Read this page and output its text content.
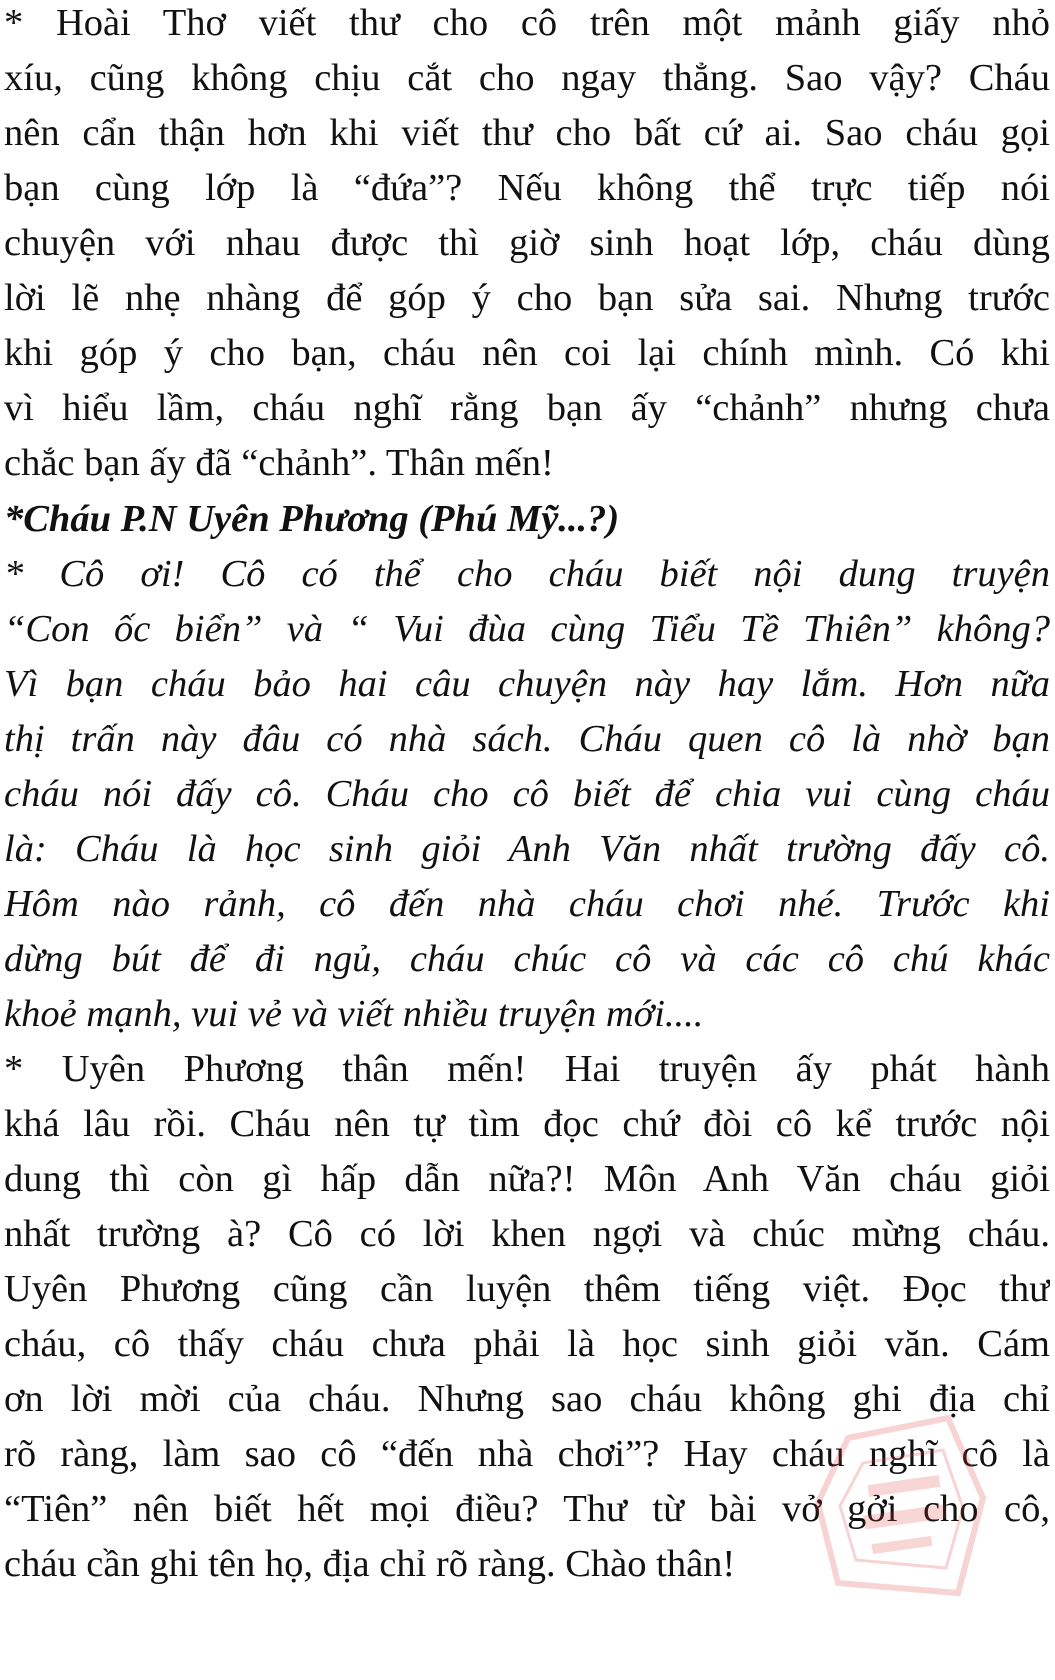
* Hoài Thơ viết thư cho cô trên một mảnh giấy nhỏ
xíu, cũng không chịu cắt cho ngay thẳng. Sao vậy? Cháu
nên cẩn thận hơn khi viết thư cho bất cứ ai. Sao cháu gọi
bạn cùng lớp là “đứa”? Nếu không thể trực tiếp nói
chuyện với nhau được thì giờ sinh hoạt lớp, cháu dùng
lời lẽ nhẹ nhàng để góp ý cho bạn sửa sai. Nhưng trước
khi góp ý cho bạn, cháu nên coi lại chính mình. Có khi
vì hiểu lầm, cháu nghĩ rằng bạn ấy “chảnh” nhưng chưa
chắc bạn ấy đã “chảnh”. Thân mến!
*Cháu P.N Uyên Phương (Phú Mỹ...?)
* Cô ơi! Cô có thể cho cháu biết nội dung truyện
“Con ốc biển” và “ Vui đùa cùng Tiểu Tề Thiên” không?
Vì bạn cháu bảo hai câu chuyện này hay lắm. Hơn nữa
thị trấn này đâu có nhà sách. Cháu quen cô là nhờ bạn
cháu nói đấy cô. Cháu cho cô biết để chia vui cùng cháu
là: Cháu là học sinh giỏi Anh Văn nhất trường đấy cô.
Hôm nào rảnh, cô đến nhà cháu chơi nhé. Trước khi
dừng bút để đi ngủ, cháu chúc cô và các cô chú khác
khoẻ mạnh, vui vẻ và viết nhiều truyện mới....
* Uyên Phương thân mến! Hai truyện ấy phát hành
khá lâu rồi. Cháu nên tự tìm đọc chứ đòi cô kể trước nội
dung thì còn gì hấp dẫn nữa?! Môn Anh Văn cháu giỏi
nhất trường à? Cô có lời khen ngợi và chúc mừng cháu.
Uyên Phương cũng cần luyện thêm tiếng việt. Đọc thư
cháu, cô thấy cháu chưa phải là học sinh giỏi văn. Cám
ơn lời mời của cháu. Nhưng sao cháu không ghi địa chỉ
rõ ràng, làm sao cô “đến nhà chơi”? Hay cháu nghĩ cô là
“Tiên” nên biết hết mọi điều? Thư từ bài vở gởi cho cô,
cháu cần ghi tên họ, địa chỉ rõ ràng. Chào thân!
